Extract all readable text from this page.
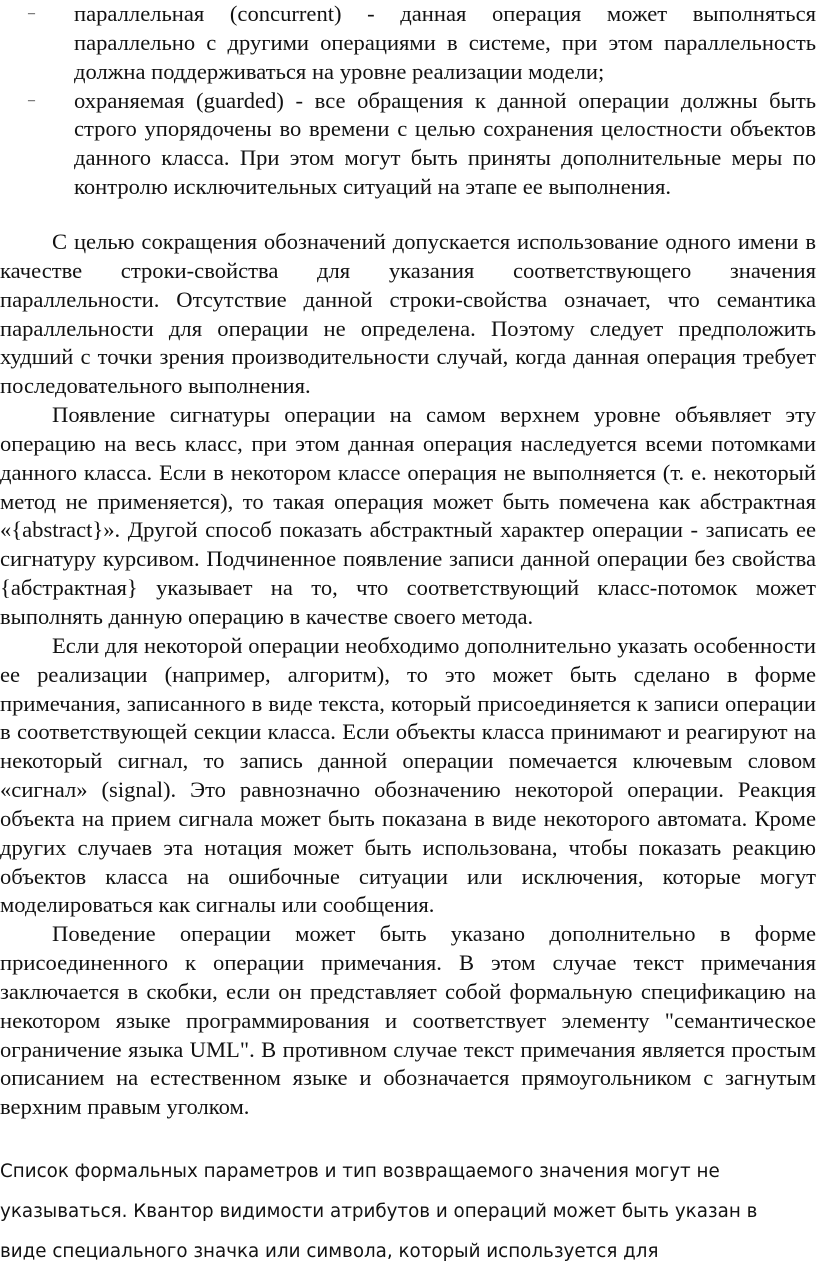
– параллельная (concurrent) - данная операция может выполняться параллельно с другими операциями в системе, при этом параллельность должна поддерживаться на уровне реализации модели;
– охраняемая (guarded) - все обращения к данной операции должны быть строго упорядочены во времени с целью сохранения целостности объектов данного класса. При этом могут быть приняты дополнительные меры по контролю исключительных ситуаций на этапе ее выполнения.

С целью сокращения обозначений допускается использование одного имени в качестве строки-свойства для указания соответствующего значения параллельности. Отсутствие данной строки-свойства означает, что семантика параллельности для операции не определена. Поэтому следует предположить худший с точки зрения производительности случай, когда данная операция требует последовательного выполнения.

Появление сигнатуры операции на самом верхнем уровне объявляет эту операцию на весь класс, при этом данная операция наследуется всеми потомками данного класса. Если в некотором классе операция не выполняется (т. е. некоторый метод не применяется), то такая операция может быть помечена как абстрактная «{abstract}». Другой способ показать абстрактный характер операции - записать ее сигнатуру курсивом. Подчиненное появление записи данной операции без свойства {абстрактная} указывает на то, что соответствующий класс-потомок может выполнять данную операцию в качестве своего метода.

Если для некоторой операции необходимо дополнительно указать особенности ее реализации (например, алгоритм), то это может быть сделано в форме примечания, записанного в виде текста, который присоединяется к записи операции в соответствующей секции класса. Если объекты класса принимают и реагируют на некоторый сигнал, то запись данной операции помечается ключевым словом «сигнал» (signal). Это равнозначно обозначению некоторой операции. Реакция объекта на прием сигнала может быть показана в виде некоторого автомата. Кроме других случаев эта нотация может быть использована, чтобы показать реакцию объектов класса на ошибочные ситуации или исключения, которые могут моделироваться как сигналы или сообщения.

Поведение операции может быть указано дополнительно в форме присоединенного к операции примечания. В этом случае текст примечания заключается в скобки, если он представляет собой формальную спецификацию на некотором языке программирования и соответствует элементу "семантическое ограничение языка UML". В противном случае текст примечания является простым описанием на естественном языке и обозначается прямоугольником с загнутым верхним правым уголком.

Список формальных параметров и тип возвращаемого значения могут не
указываться. Квантор видимости атрибутов и операций может быть указан в
виде специального значка или символа, который используется для
